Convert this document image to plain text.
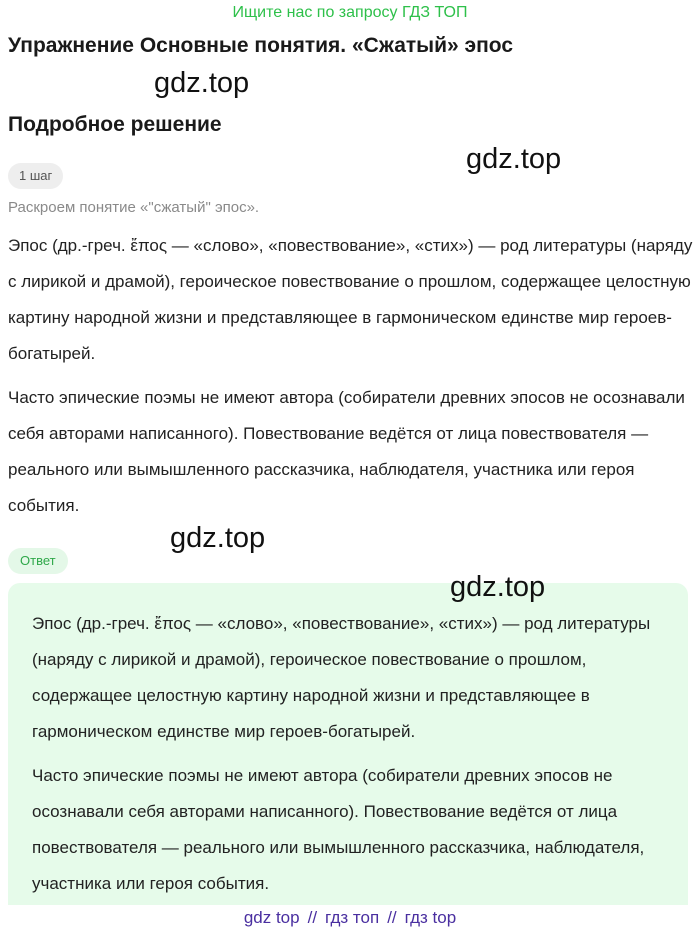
Ищите нас по запросу ГДЗ ТОП
Упражнение Основные понятия. «Сжатый» эпос
gdz.top
Подробное решение
gdz.top
1 шаг
Раскроем понятие «"сжатый" эпос».

Эпос (др.-греч. ἔπος — «слово», «повествование», «стих») — род литературы (наряду с лирикой и драмой), героическое повествование о прошлом, содержащее целостную картину народной жизни и представляющее в гармоническом единстве мир героев-богатырей.

Часто эпические поэмы не имеют автора (собиратели древних эпосов не осознавали себя авторами написанного). Повествование ведётся от лица повествователя — реального или вымышленного рассказчика, наблюдателя, участника или героя события.

gdz.top
Ответ

Эпос (др.-греч. ἔπος — «слово», «повествование», «стих») — род литературы (наряду с лирикой и драмой), героическое повествование о прошлом, содержащее целостную картину народной жизни и представляющее в гармоническом единстве мир героев-богатырей.

Часто эпические поэмы не имеют автора (собиратели древних эпосов не осознавали себя авторами написанного). Повествование ведётся от лица повествователя — реального или вымышленного рассказчика, наблюдателя, участника или героя события.

gdz.top
gdz top // гдз топ // гдз top
